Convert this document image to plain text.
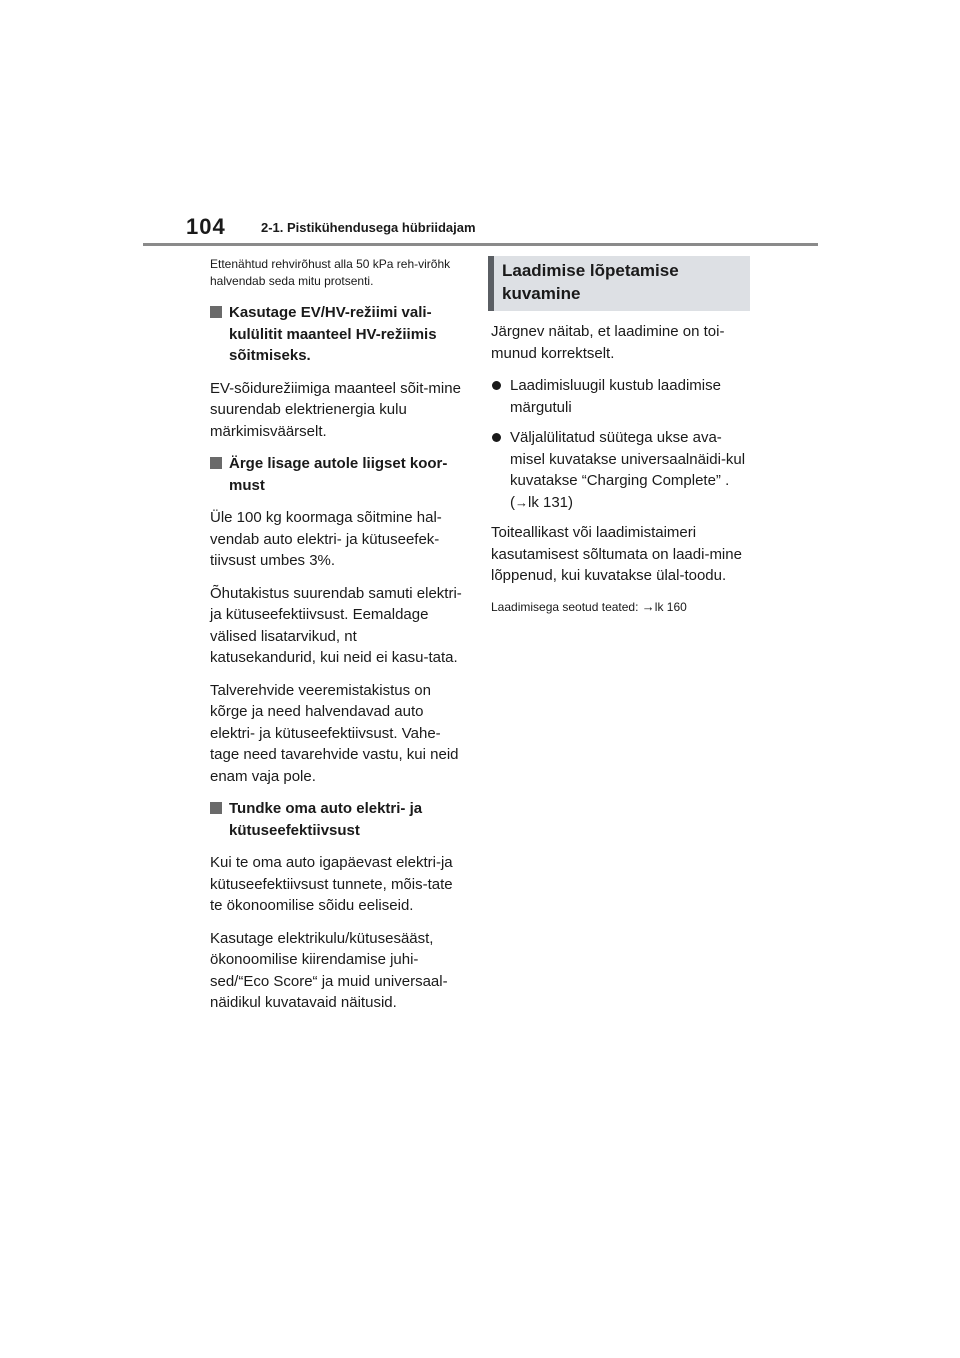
104	2-1. Pistikühendusega hübriidajam

Ettenähtud rehvirõhust alla 50 kPa reh-virõhk halvendab seda mitu protsenti.

Kasutage EV/HV-režiimi vali-kulülitit maanteel HV-režiimis sõitmiseks.

EV-sõidurežiimiga maanteel sõit-mine suurendab elektrienergia kulu märkimisväärselt.

Ärge lisage autole liigset koor-must

Üle 100 kg koormaga sõitmine hal-vendab auto elektri- ja kütuseefek-tiivsust umbes 3%.

Õhutakistus suurendab samuti elektri- ja kütuseefektiivsust. Eemaldage välised lisatarvikud, nt katusekandurid, kui neid ei kasu-tata.

Talverehvide veeremistakistus on kõrge ja need halvendavad auto elektri- ja kütuseefektiivsust. Vahe-tage need tavarehvide vastu, kui neid enam vaja pole.

Tundke oma auto elektri- ja kütuseefektiivsust

Kui te oma auto igapäevast elektri-ja kütuseefektiivsust tunnete, mõis-tate te ökonoomilise sõidu eeliseid.

Kasutage elektrikulu/kütusesääst, ökonoomilise kiirendamise juhi-sed/“Eco Score“ ja muid universaal-näidikul kuvatavaid näitusid.

Laadimise lõpetamise kuvamine

Järgnev näitab, et laadimine on toi-munud korrektselt.

Laadimisluugil kustub laadimise märgutuli
Väljalülitatud süütega ukse ava-misel kuvatakse universaalnäidi-kul kuvatakse “Charging Complete” .(→lk 131)

Toiteallikast või laadimistaimeri kasutamisest sõltumata on laadi-mine lõppenud, kui kuvatakse ülal-toodu.

Laadimisega seotud teated: →lk 160
